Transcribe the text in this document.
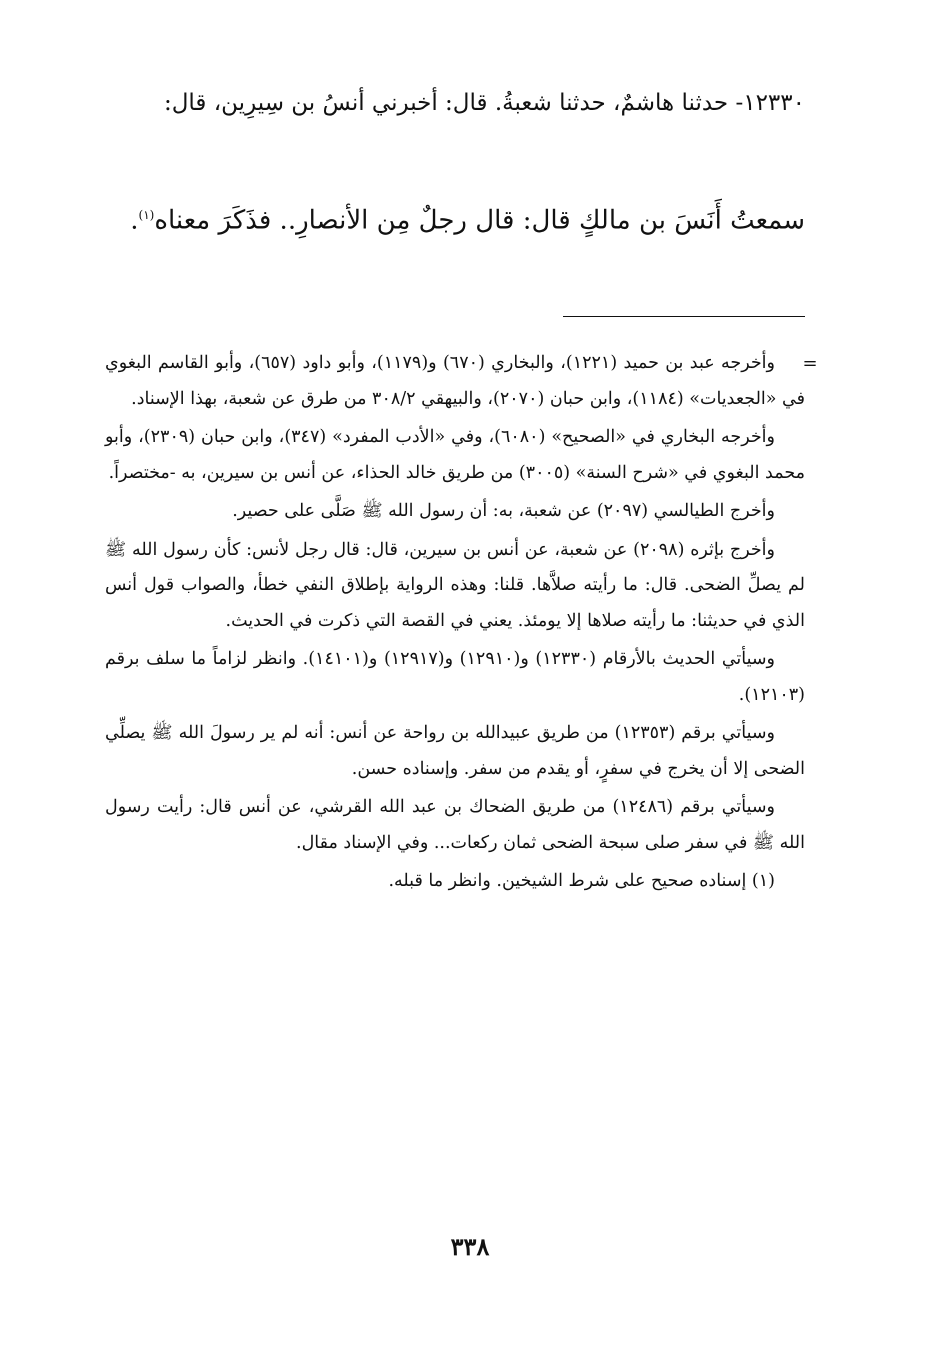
١٢٣٣٠- حدثنا هاشمٌ، حدثنا شعبةُ. قال: أخبرني أنسُ بن سِيرِين، قال:
سمعتُ أَنَسَ بن مالكٍ قال: قال رجلٌ مِن الأنصارِ.. فذَكَرَ معناه$^{(١)}$.
=

وأخرجه عبد بن حميد (١٢٢١)، والبخاري (٦٧٠) و(١١٧٩)، وأبو داود (٦٥٧)، وأبو القاسم البغوي في «الجعديات» (١١٨٤)، وابن حبان (٢٠٧٠)، والبيهقي ٣٠٨/٢ من طرق عن شعبة، بهذا الإسناد.

وأخرجه البخاري في «الصحيح» (٦٠٨٠)، وفي «الأدب المفرد» (٣٤٧)، وابن حبان (٢٣٠٩)، وأبو محمد البغوي في «شرح السنة» (٣٠٠٥) من طريق خالد الحذاء، عن أنس بن سيرين، به -مختصراً.

وأخرج الطيالسي (٢٠٩٧) عن شعبة، به: أن رسول الله ﷺ صَلَّى على حصير.

وأخرج بإثره (٢٠٩٨) عن شعبة، عن أنس بن سيرين، قال: قال رجل لأنس: كأن رسول الله ﷺ لم يصلِّ الضحى. قال: ما رأيته صلاَّها. قلنا: وهذه الرواية بإطلاق النفي خطأ، والصواب قول أنس الذي في حديثنا: ما رأيته صلاها إلا يومئذ. يعني في القصة التي ذكرت في الحديث.

وسيأتي الحديث بالأرقام (١٢٣٣٠) و(١٢٩١٠) و(١٢٩١٧) و(١٤١٠١). وانظر لزاماً ما سلف برقم (١٢١٠٣).

وسيأتي برقم (١٢٣٥٣) من طريق عبيدالله بن رواحة عن أنس: أنه لم ير رسولَ الله ﷺ يصلِّي الضحى إلا أن يخرج في سفرٍ، أو يقدم من سفر. وإسناده حسن.

وسيأتي برقم (١٢٤٨٦) من طريق الضحاك بن عبد الله القرشي، عن أنس قال: رأيت رسول الله ﷺ في سفر صلى سبحة الضحى ثمان ركعات... وفي الإسناد مقال.

(١) إسناده صحيح على شرط الشيخين. وانظر ما قبله.

٣٣٨
